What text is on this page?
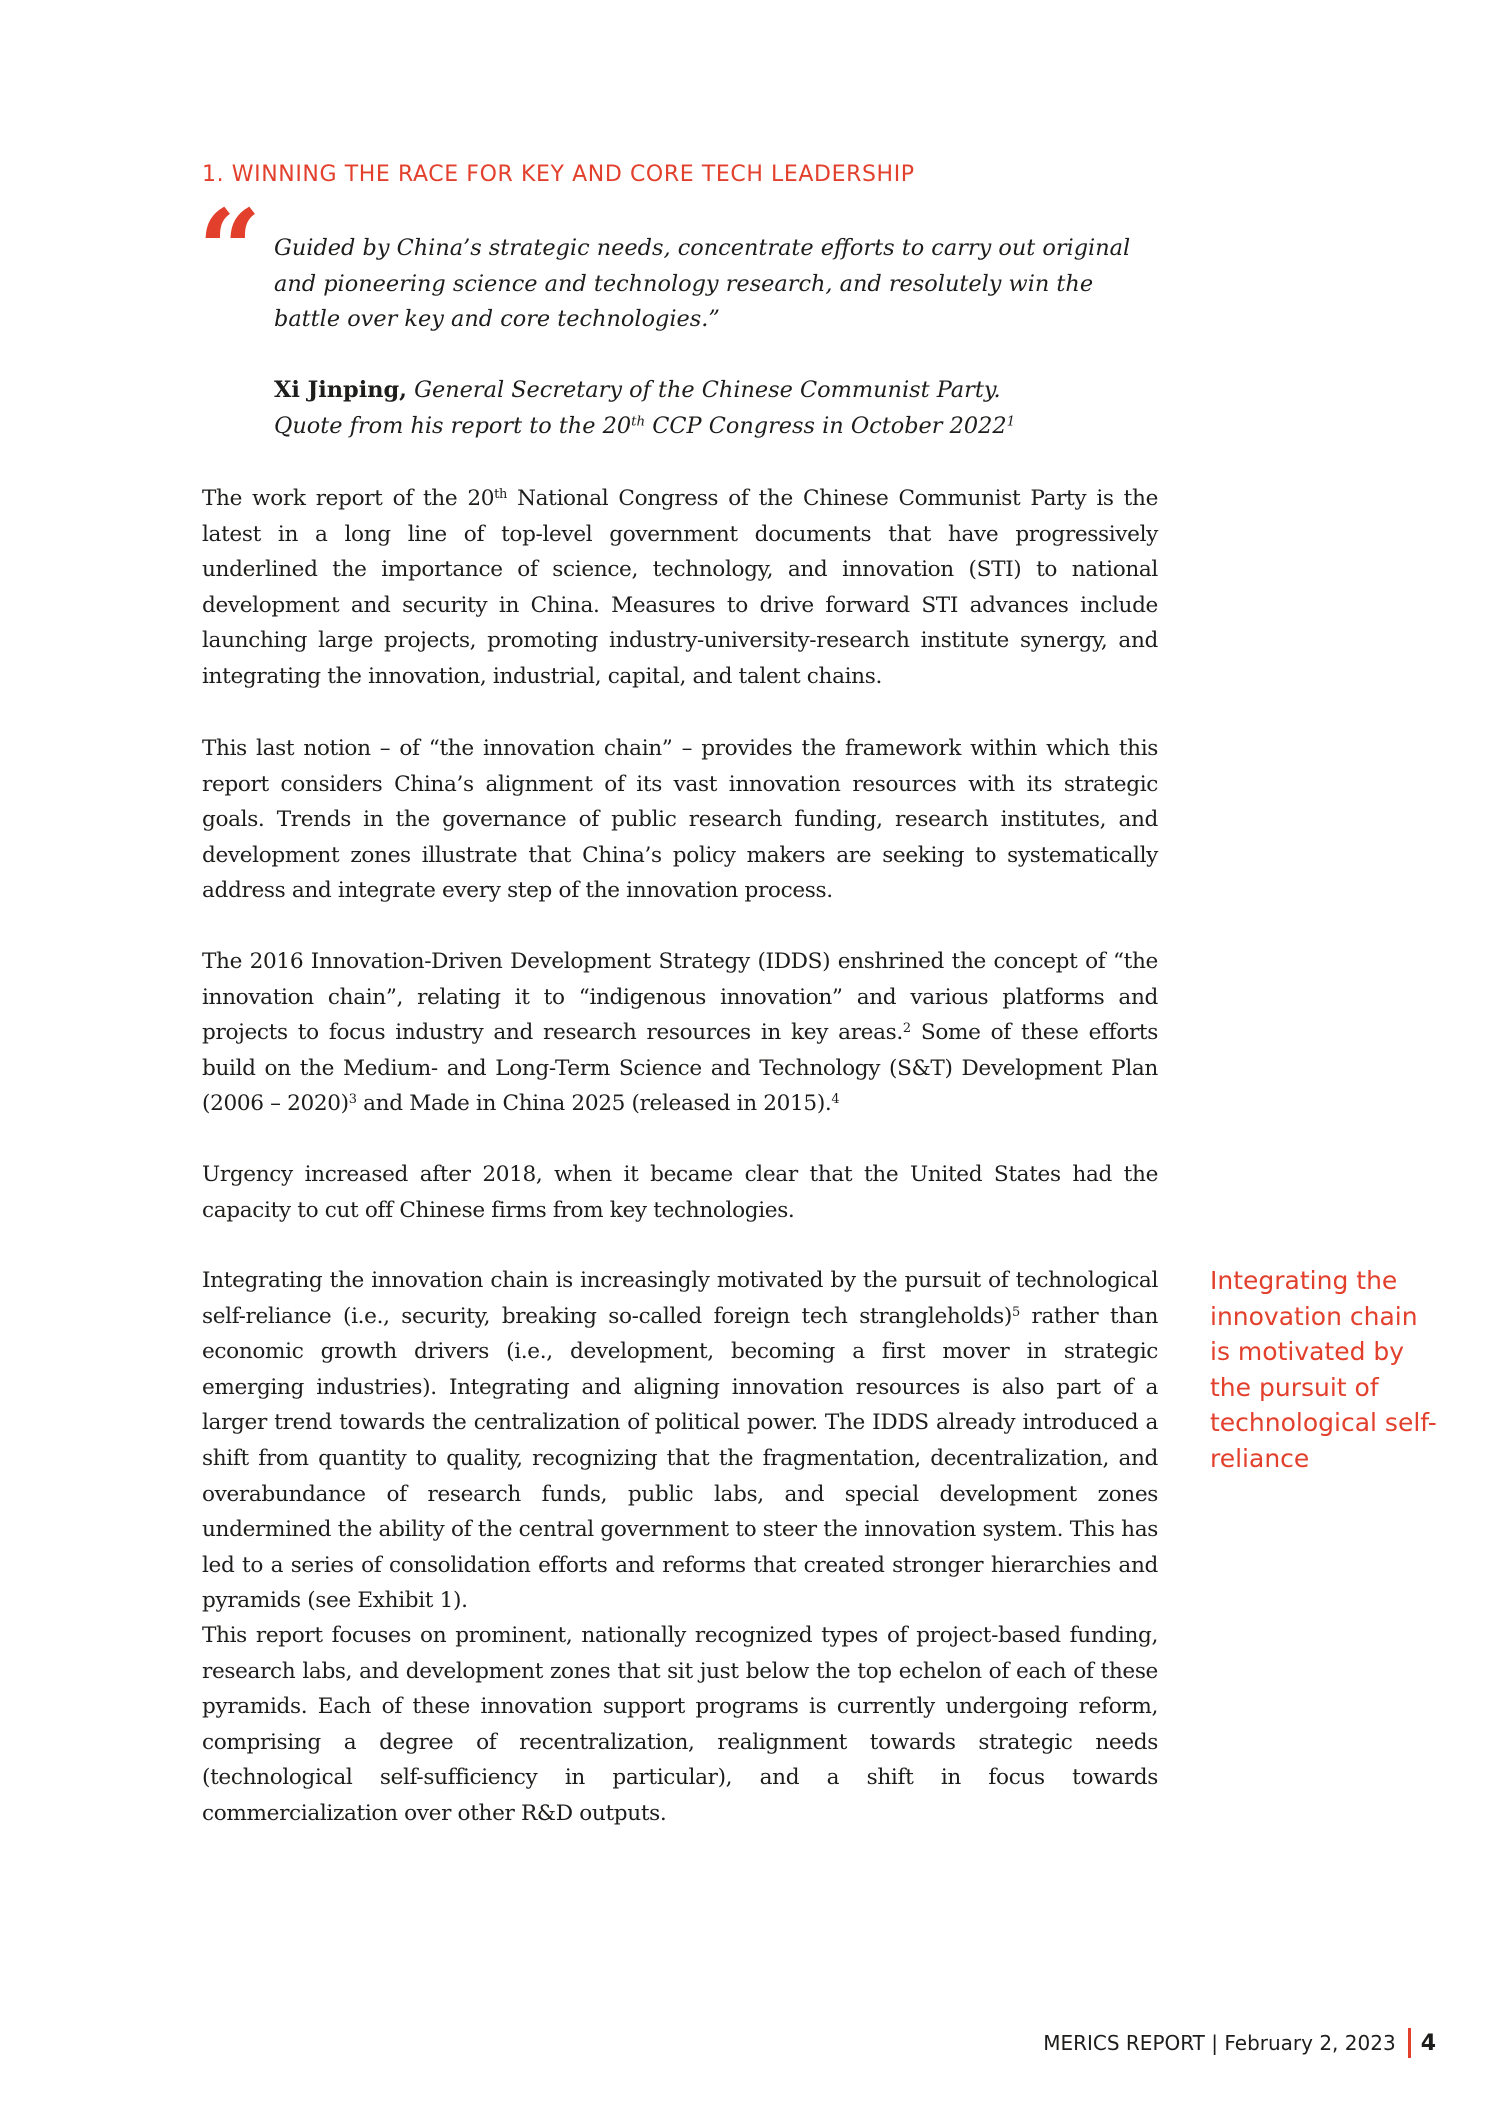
1. WINNING THE RACE FOR KEY AND CORE TECH LEADERSHIP
“ Guided by China’s strategic needs, concentrate efforts to carry out original and pioneering science and technology research, and resolutely win the battle over key and core technologies.”

Xi Jinping, General Secretary of the Chinese Communist Party.
Quote from his report to the 20th CCP Congress in October 2022$^1$

The work report of the 20th National Congress of the Chinese Communist Party is the latest in a long line of top-level government documents that have progressively underlined the importance of science, technology, and innovation (STI) to national development and security in China. Measures to drive forward STI advances include launching large projects, promoting industry-university-research institute synergy, and integrating the innovation, industrial, capital, and talent chains.

This last notion – of “the innovation chain” – provides the framework within which this report considers China’s alignment of its vast innovation resources with its strategic goals. Trends in the governance of public research funding, research institutes, and development zones illustrate that China’s policy makers are seeking to systematically address and integrate every step of the innovation process.

The 2016 Innovation-Driven Development Strategy (IDDS) enshrined the concept of “the innovation chain”, relating it to “indigenous innovation” and various platforms and projects to focus industry and research resources in key areas.$^2$ Some of these efforts build on the Medium- and Long-Term Science and Technology (S&T) Development Plan (2006 – 2020)$^3$ and Made in China 2025 (released in 2015).$^4$

Urgency increased after 2018, when it became clear that the United States had the capacity to cut off Chinese firms from key technologies.

Integrating the innovation chain is increasingly motivated by the pursuit of technological self-reliance (i.e., security, breaking so-called foreign tech strangleholds)$^5$ rather than economic growth drivers (i.e., development, becoming a first mover in strategic emerging industries). Integrating and aligning innovation resources is also part of a larger trend towards the centralization of political power. The IDDS already introduced a shift from quantity to quality, recognizing that the fragmentation, decentralization, and overabundance of research funds, public labs, and special development zones undermined the ability of the central government to steer the innovation system. This has led to a series of consolidation efforts and reforms that created stronger hierarchies and pyramids (see Exhibit 1).

This report focuses on prominent, nationally recognized types of project-based funding, research labs, and development zones that sit just below the top echelon of each of these pyramids. Each of these innovation support programs is currently undergoing reform, comprising a degree of recentralization, realignment towards strategic needs (technological self-sufficiency in particular), and a shift in focus towards commercialization over other R&D outputs.

Integrating the innovation chain is motivated by the pursuit of technological self-reliance

MERICS REPORT | February 2, 2023 4
